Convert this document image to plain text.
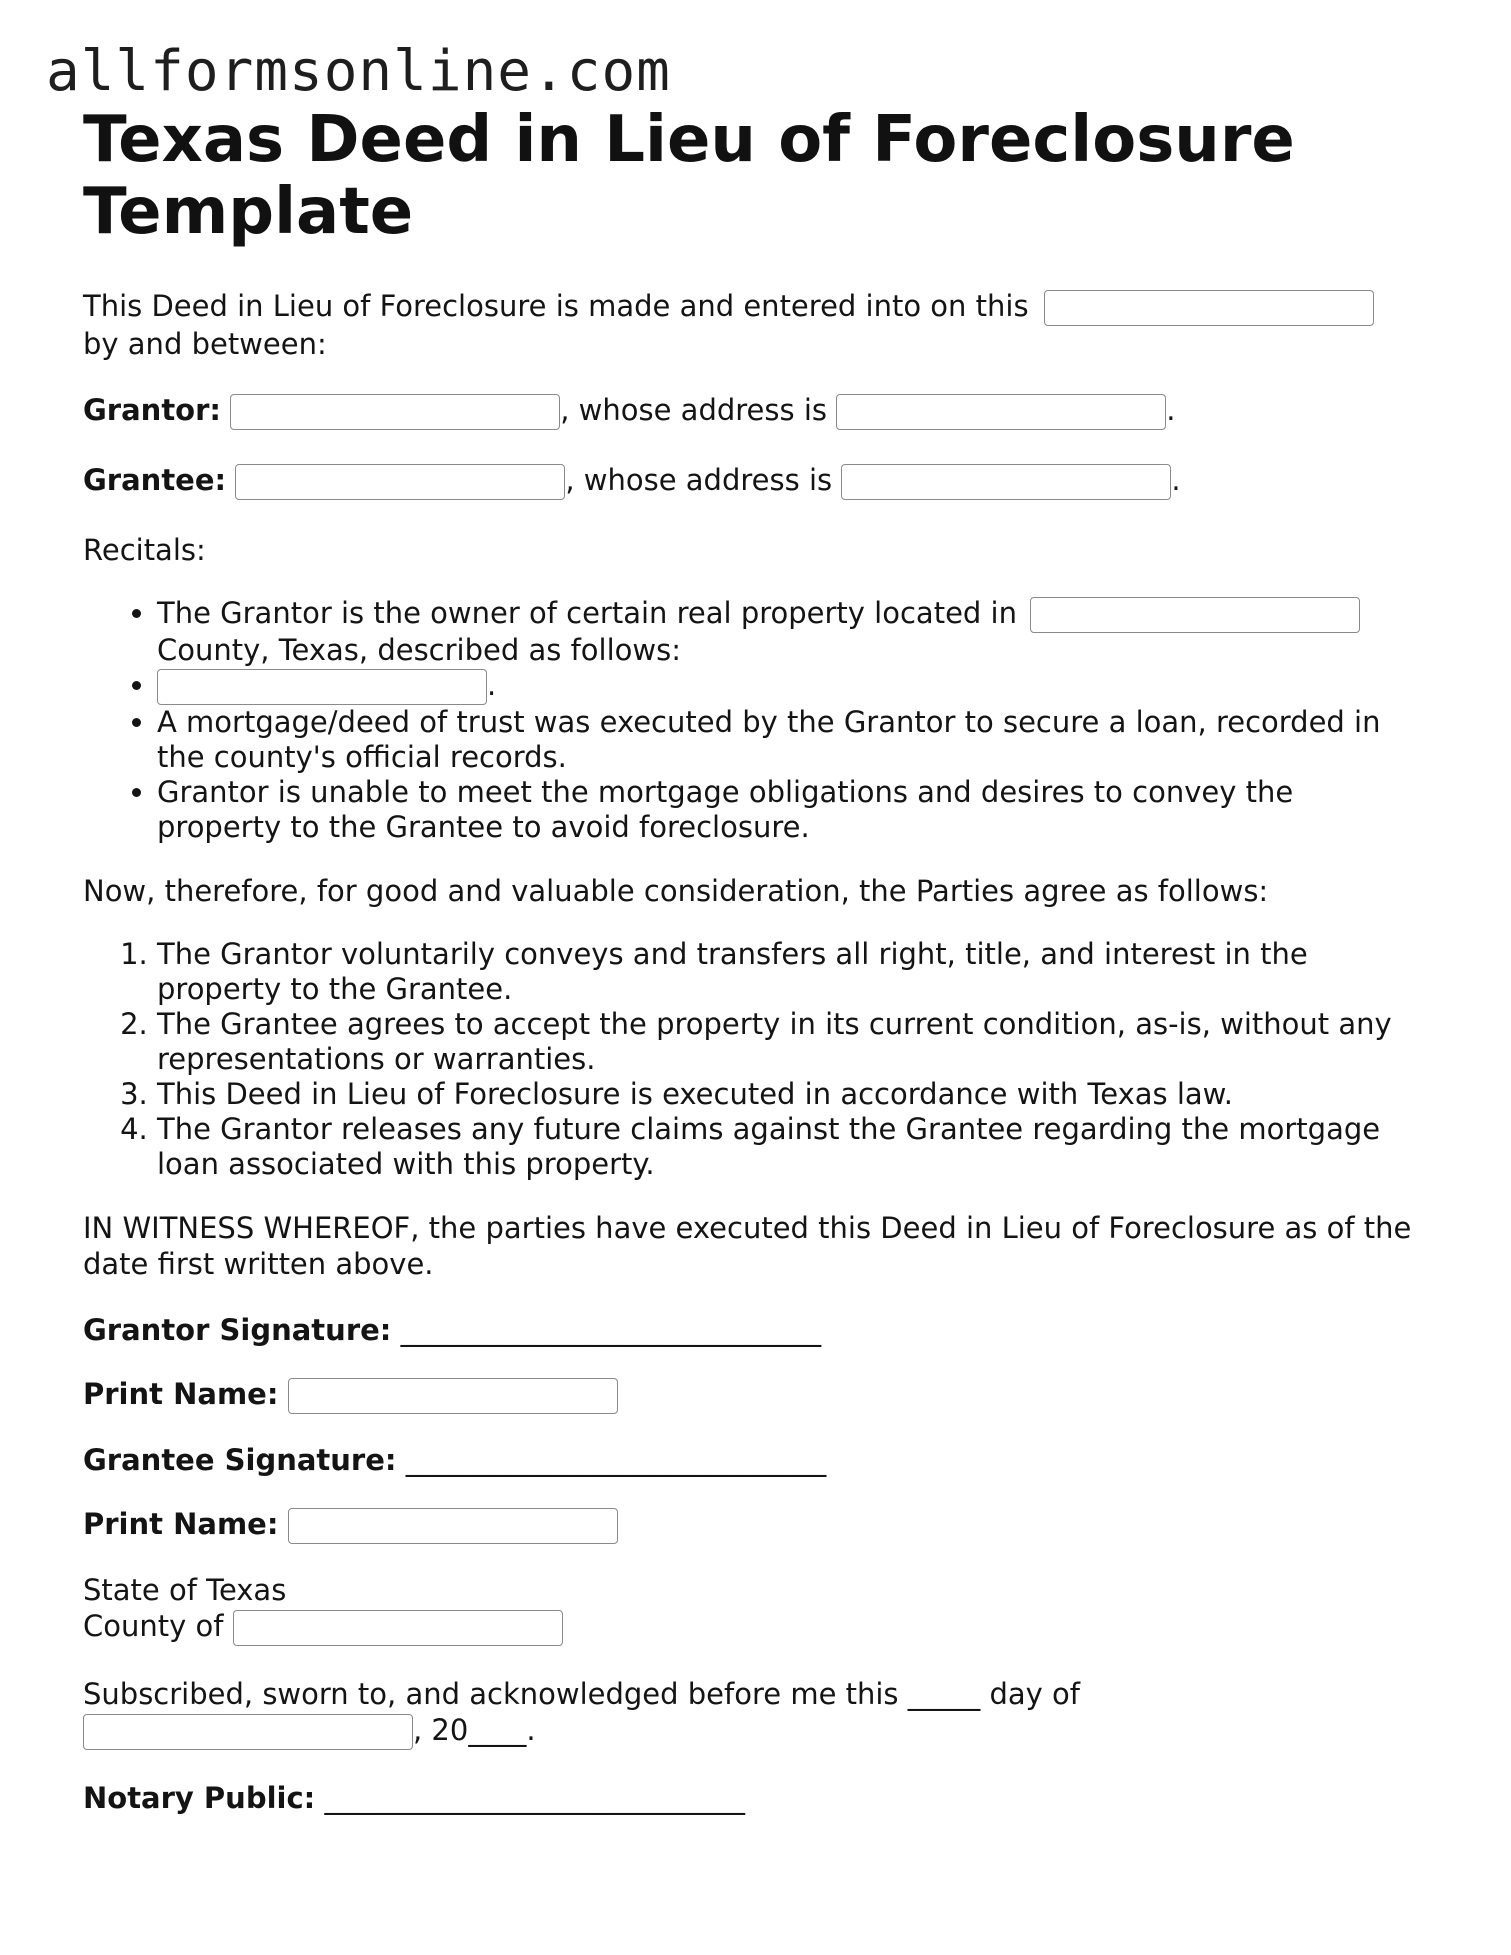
allformsonline.com
Texas Deed in Lieu of Foreclosure Template

This Deed in Lieu of Foreclosure is made and entered into on this
by and between:

Grantor:	, whose address is	.

Grantee:	, whose address is	.

Recitals:

• The Grantor is the owner of certain real property located in
County, Texas, described as follows:
• .
• A mortgage/deed of trust was executed by the Grantor to secure a loan, recorded in the county's official records.
• Grantor is unable to meet the mortgage obligations and desires to convey the property to the Grantee to avoid foreclosure.

Now, therefore, for good and valuable consideration, the Parties agree as follows:

1. The Grantor voluntarily conveys and transfers all right, title, and interest in the property to the Grantee.
2. The Grantee agrees to accept the property in its current condition, as-is, without any representations or warranties.
3. This Deed in Lieu of Foreclosure is executed in accordance with Texas law.
4. The Grantor releases any future claims against the Grantee regarding the mortgage loan associated with this property.

IN WITNESS WHEREOF, the parties have executed this Deed in Lieu of Foreclosure as of the date first written above.

Grantor Signature: _____________________________

Print Name:

Grantee Signature: _____________________________

Print Name:

State of Texas

County of

Subscribed, sworn to, and acknowledged before me this _____ day of
, 20____.

Notary Public: _____________________________
